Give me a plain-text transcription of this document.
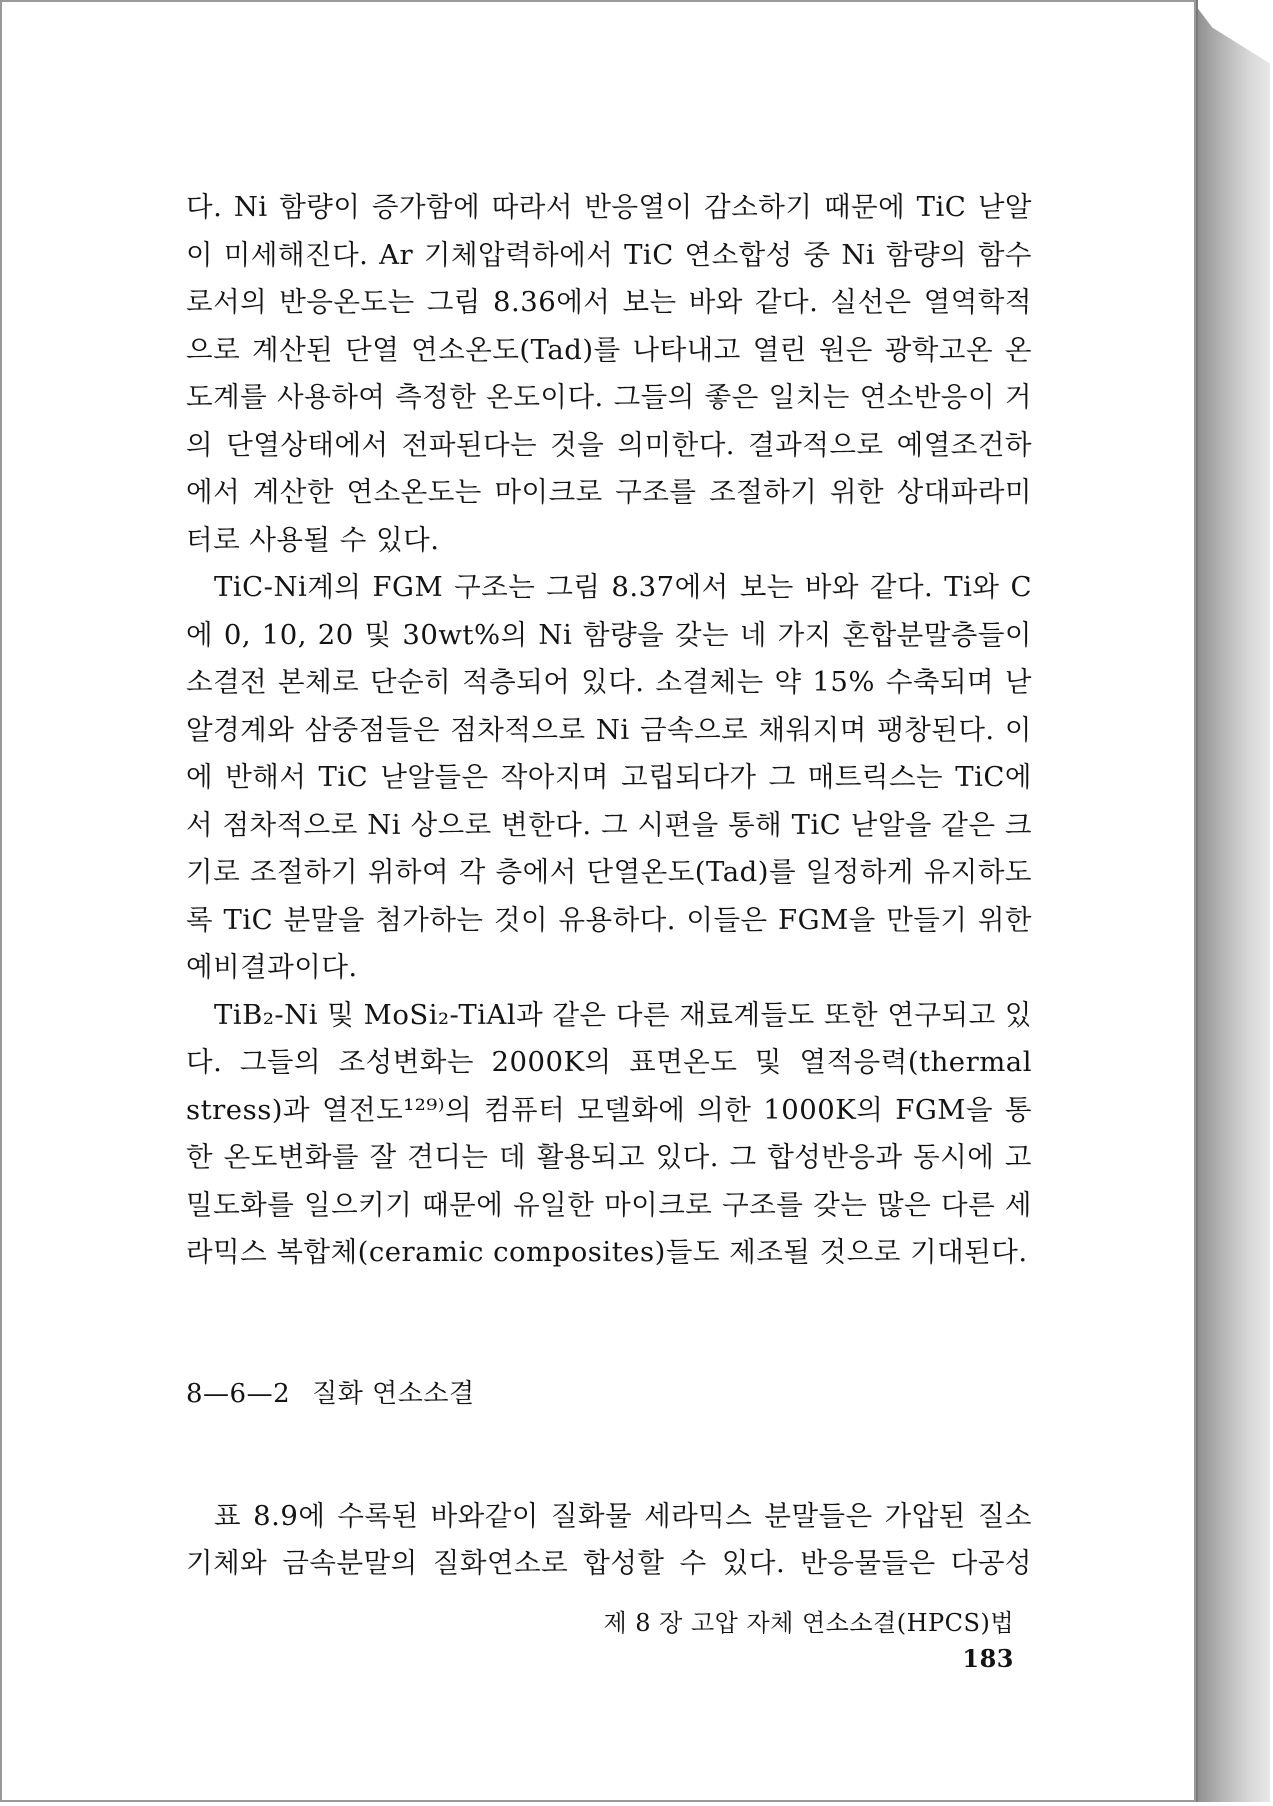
다. Ni 함량이 증가함에 따라서 반응열이 감소하기 때문에 TiC 낟알이 미세해진다. Ar 기체압력하에서 TiC 연소합성 중 Ni 함량의 함수로서의 반응온도는 그림 8.36에서 보는 바와 같다. 실선은 열역학적으로 계산된 단열 연소온도(Tad)를 나타내고 열린 원은 광학고온 온도계를 사용하여 측정한 온도이다. 그들의 좋은 일치는 연소반응이 거의 단열상태에서 전파된다는 것을 의미한다. 결과적으로 예열조건하에서 계산한 연소온도는 마이크로 구조를 조절하기 위한 상대파라미터로 사용될 수 있다.

TiC-Ni계의 FGM 구조는 그림 8.37에서 보는 바와 같다. Ti와 C에 0, 10, 20 및 30wt%의 Ni 함량을 갖는 네 가지 혼합분말층들이 소결전 본체로 단순히 적층되어 있다. 소결체는 약 15% 수축되며 낟알경계와 삼중점들은 점차적으로 Ni 금속으로 채워지며 팽창된다. 이에 반해서 TiC 낟알들은 작아지며 고립되다가 그 매트릭스는 TiC에서 점차적으로 Ni 상으로 변한다. 그 시편을 통해 TiC 낟알을 같은 크기로 조절하기 위하여 각 층에서 단열온도(Tad)를 일정하게 유지하도록 TiC 분말을 첨가하는 것이 유용하다. 이들은 FGM을 만들기 위한 예비결과이다.

TiB₂-Ni 및 MoSi₂-TiAl과 같은 다른 재료계들도 또한 연구되고 있다. 그들의 조성변화는 2000K의 표면온도 및 열적응력(thermal stress)과 열전도¹²⁹⁾의 컴퓨터 모델화에 의한 1000K의 FGM을 통한 온도변화를 잘 견디는 데 활용되고 있다. 그 합성반응과 동시에 고밀도화를 일으키기 때문에 유일한 마이크로 구조를 갖는 많은 다른 세라믹스 복합체(ceramic composites)들도 제조될 것으로 기대된다.

8—6—2 질화 연소소결

표 8.9에 수록된 바와같이 질화물 세라믹스 분말들은 가압된 질소기체와 금속분말의 질화연소로 합성할 수 있다. 반응물들은 다공성

제 8 장 고압 자체 연소소결(HPCS)법183
